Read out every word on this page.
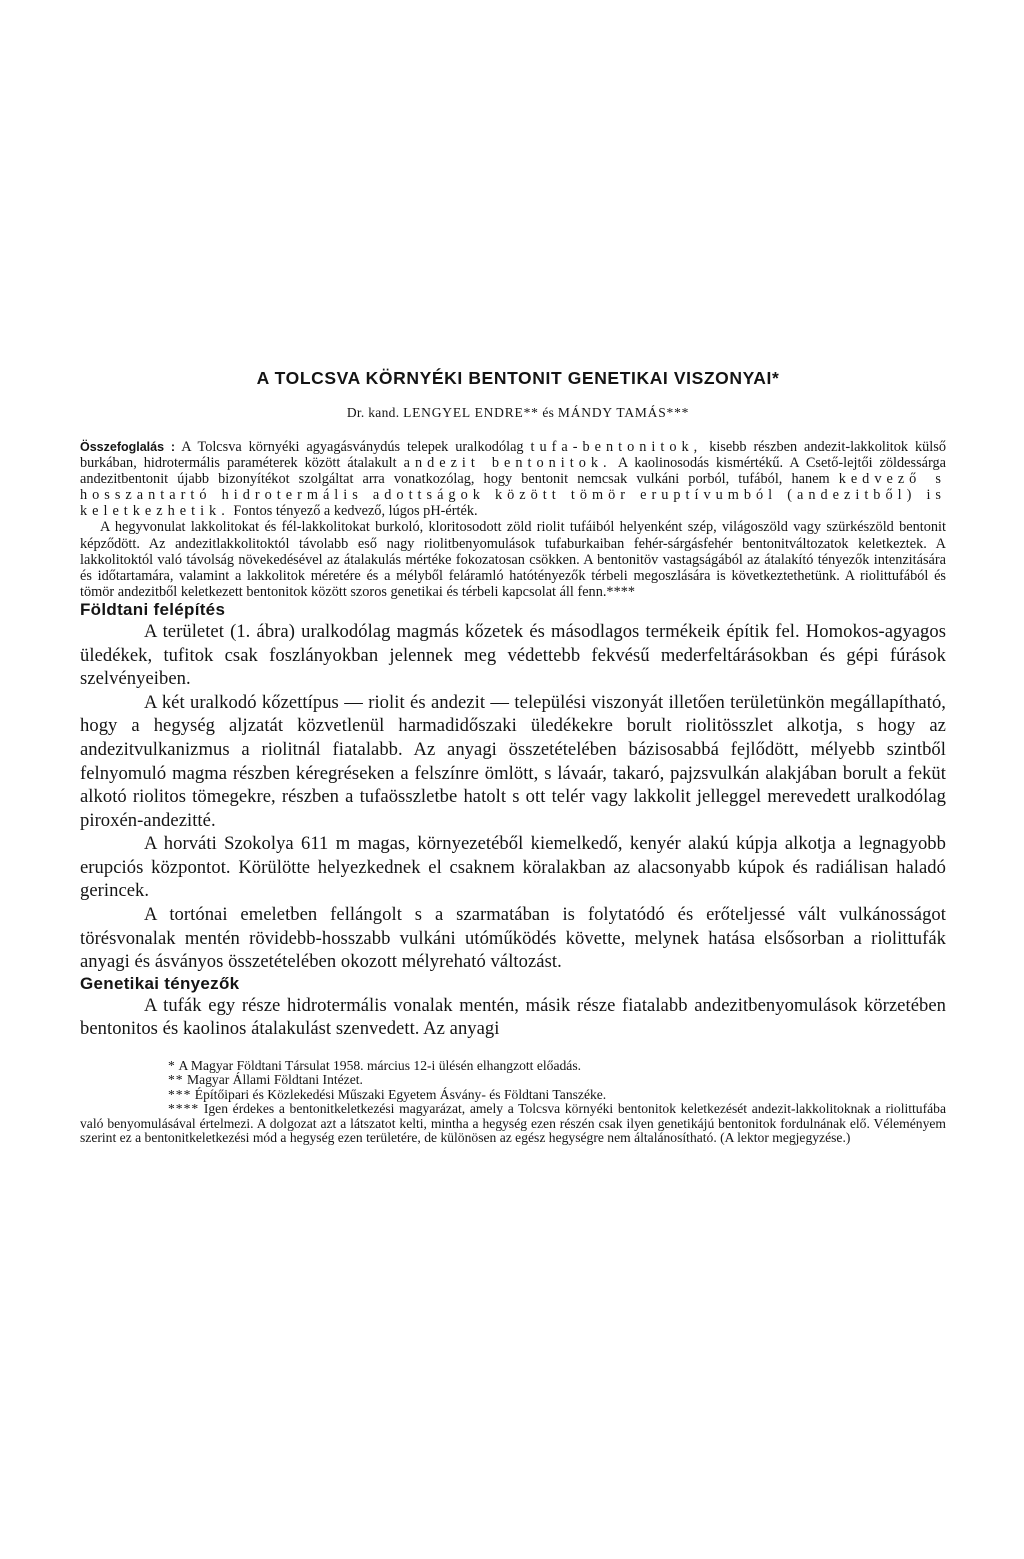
A TOLCSVA KÖRNYÉKI BENTONIT GENETIKAI VISZONYAI*
Dr. kand. LENGYEL ENDRE** és MÁNDY TAMÁS***

Összefoglalás : A Tolcsva környéki agyagásványdús telepek uralkodólag tufa-bentonitok, kisebb részben andezit-lakkolitok külső burkában, hidrotermális paraméterek között átalakult andezit bentonitok. A kaolinosodás kismértékű. A Csető-lejtői zöldessárga andezitbentonit újabb bizonyítékot szolgáltat arra vonatkozólag, hogy bentonit nemcsak vulkáni porból, tufából, hanem kedvező s hosszantartó hidrotermális adottságok között tömör eruptívumból (andezitből) is keletkezhetik. Fontos tényező a kedvező, lúgos pH-érték.

A hegyvonulat lakkolitokat és fél-lakkolitokat burkoló, kloritosodott zöld riolit tufáiból helyenként szép, világoszöld vagy szürkészöld bentonit képződött. Az andezitlakkolitoktól távolabb eső nagy riolitbenyomulások tufaburkaiban fehér-sárgásfehér bentonitváltozatok keletkeztek. A lakkolitoktól való távolság növekedésével az átalakulás mértéke fokozatosan csökken. A bentonitöv vastagságából az átalakító tényezők intenzitására és időtartamára, valamint a lakkolitok méretére és a mélyből feláramló hatótényezők térbeli megoszlására is következtethetünk. A riolittufából és tömör andezitből keletkezett bentonitok között szoros genetikai és térbeli kapcsolat áll fenn.****

Földtani felépítés

A területet (1. ábra) uralkodólag magmás kőzetek és másodlagos termékeik építik fel. Homokos-agyagos üledékek, tufitok csak foszlányokban jelennek meg védettebb fekvésű mederfeltárásokban és gépi fúrások szelvényeiben.

A két uralkodó kőzettípus — riolit és andezit — települési viszonyát illetően területünkön megállapítható, hogy a hegység aljzatát közvetlenül harmadidőszaki üledékekre borult riolitösszlet alkotja, s hogy az andezitvulkanizmus a riolitnál fiatalabb. Az anyagi összetételében bázisosabbá fejlődött, mélyebb szintből felnyomuló magma részben kéregréseken a felszínre ömlött, s lávaár, takaró, pajzsvulkán alakjában borult a feküt alkotó riolitos tömegekre, részben a tufaösszletbe hatolt s ott telér vagy lakkolit jelleggel merevedett uralkodólag piroxén-andezitté.

A horváti Szokolya 611 m magas, környezetéből kiemelkedő, kenyér alakú kúpja alkotja a legnagyobb erupciós központot. Körülötte helyezkednek el csaknem köralakban az alacsonyabb kúpok és radiálisan haladó gerincek.

A tortónai emeletben fellángolt s a szarmatában is folytatódó és erőteljessé vált vulkánosságot törésvonalak mentén rövidebb-hosszabb vulkáni utóműködés követte, melynek hatása elsősorban a riolittufák anyagi és ásványos összetételében okozott mélyreható változást.

Genetikai tényezők

A tufák egy része hidrotermális vonalak mentén, másik része fiatalabb andezitbenyomulások körzetében bentonitos és kaolinos átalakulást szenvedett. Az anyagi

* A Magyar Földtani Társulat 1958. március 12-i ülésén elhangzott előadás.

** Magyar Állami Földtani Intézet.

*** Építőipari és Közlekedési Műszaki Egyetem Ásvány- és Földtani Tanszéke.

**** Igen érdekes a bentonitkeletkezési magyarázat, amely a Tolcsva környéki bentonitok keletkezését andezit-lakkolitoknak a riolittufába való benyomulásával értelmezi. A dolgozat azt a látszatot kelti, mintha a hegység ezen részén csak ilyen genetikájú bentonitok fordulnának elő. Véleményem szerint ez a bentonitkeletkezési mód a hegység ezen területére, de különösen az egész hegységre nem általánosítható. (A lektor megjegyzése.)
